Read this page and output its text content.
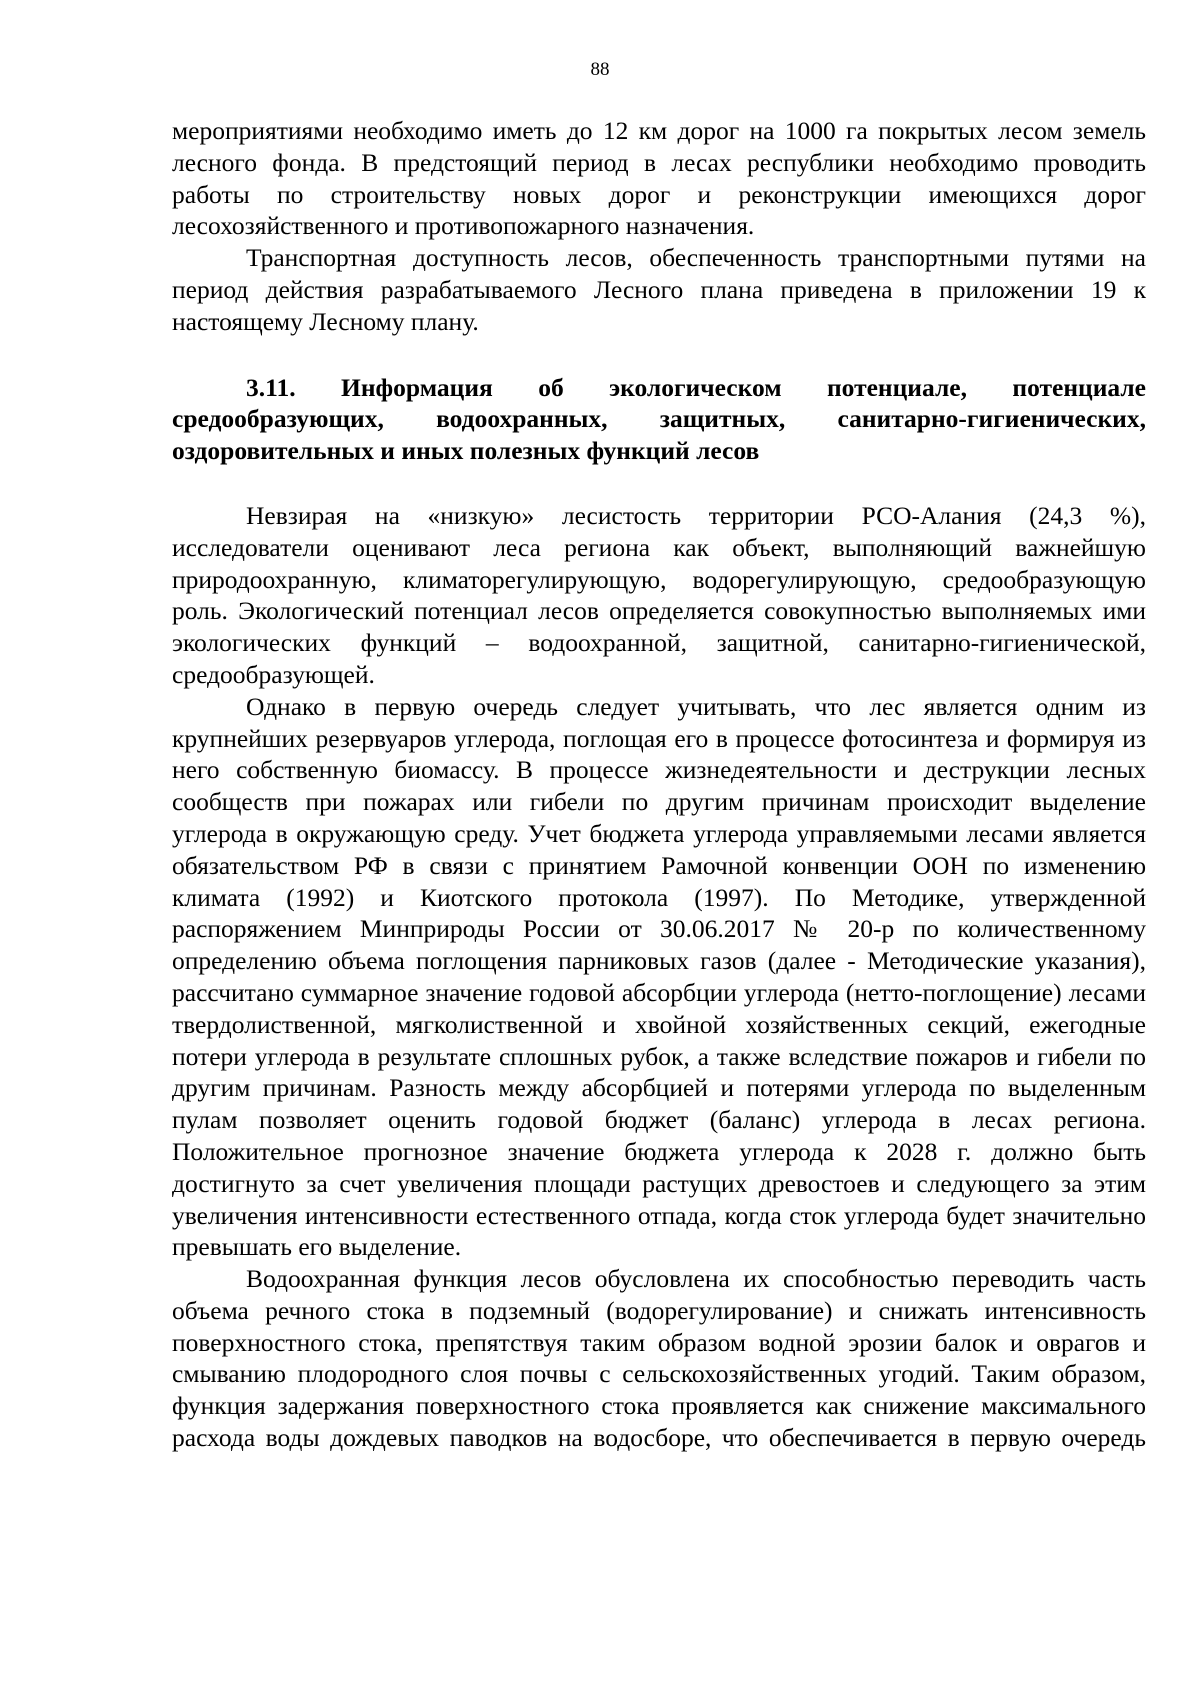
88

мероприятиями необходимо иметь до 12 км дорог на 1000 га покрытых лесом земель лесного фонда. В предстоящий период в лесах республики необходимо проводить работы по строительству новых дорог и реконструкции имеющихся дорог лесохозяйственного и противопожарного назначения.

Транспортная доступность лесов, обеспеченность транспортными путями на период действия разрабатываемого Лесного плана приведена в приложении 19 к настоящему Лесному плану.

3.11. Информация об экологическом потенциале, потенциале средообразующих, водоохранных, защитных, санитарно-гигиенических, оздоровительных и иных полезных функций лесов

Невзирая на «низкую» лесистость территории РСО-Алания (24,3 %), исследователи оценивают леса региона как объект, выполняющий важнейшую природоохранную, климаторегулирующую, водорегулирующую, средообразующую роль. Экологический потенциал лесов определяется совокупностью выполняемых ими экологических функций – водоохранной, защитной, санитарно-гигиенической, средообразующей.

Однако в первую очередь следует учитывать, что лес является одним из крупнейших резервуаров углерода, поглощая его в процессе фотосинтеза и формируя из него собственную биомассу. В процессе жизнедеятельности и деструкции лесных сообществ при пожарах или гибели по другим причинам происходит выделение углерода в окружающую среду. Учет бюджета углерода управляемыми лесами является обязательством РФ в связи с принятием Рамочной конвенции ООН по изменению климата (1992) и Киотского протокола (1997). По Методике, утвержденной распоряжением Минприроды России от 30.06.2017 № 20-р по количественному определению объема поглощения парниковых газов (далее - Методические указания), рассчитано суммарное значение годовой абсорбции углерода (нетто-поглощение) лесами твердолиственной, мягколиственной и хвойной хозяйственных секций, ежегодные потери углерода в результате сплошных рубок, а также вследствие пожаров и гибели по другим причинам. Разность между абсорбцией и потерями углерода по выделенным пулам позволяет оценить годовой бюджет (баланс) углерода в лесах региона. Положительное прогнозное значение бюджета углерода к 2028 г. должно быть достигнуто за счет увеличения площади растущих древостоев и следующего за этим увеличения интенсивности естественного отпада, когда сток углерода будет значительно превышать его выделение.

Водоохранная функция лесов обусловлена их способностью переводить часть объема речного стока в подземный (водорегулирование) и снижать интенсивность поверхностного стока, препятствуя таким образом водной эрозии балок и оврагов и смыванию плодородного слоя почвы с сельскохозяйственных угодий. Таким образом, функция задержания поверхностного стока проявляется как снижение максимального расхода воды дождевых паводков на водосборе, что обеспечивается в первую очередь
